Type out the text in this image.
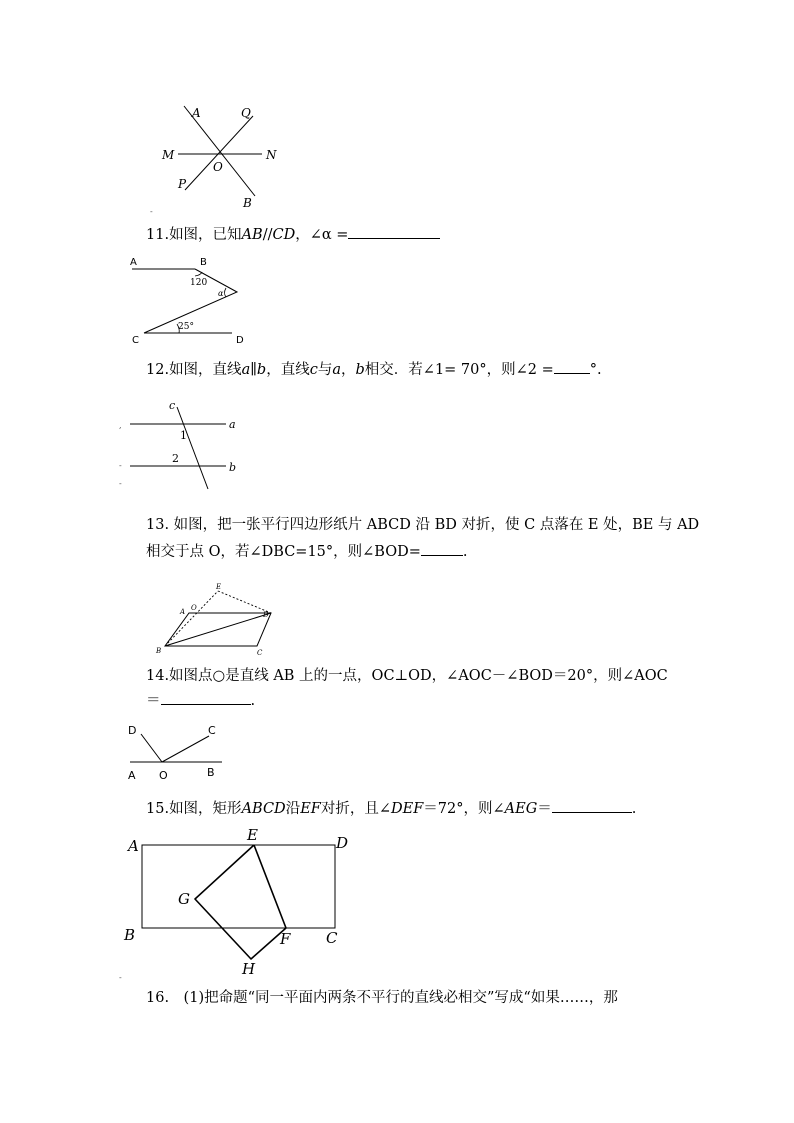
A	Q
M	N
O
P
B
-
11.如图，已知AB//CD，∠α =
A	B
C	D
120
α
25°
12.如图，直线a∥b，直线c与a，b相交．若∠1= 70°，则∠2 = °.
c
a
b
1
2
,
-
-
13. 如图，把一张平行四边形纸片 ABCD 沿 BD 对折，使 C 点落在 E 处，BE 与 AD
相交于点 O，若∠DBC=15°，则∠BOD=	.
E
A O
D
B	C
14.如图点○是直线 AB 上的一点，OC⊥OD，∠AOC－∠BOD＝20°，则∠AOC
＝	.
D	C
A O	B
15.如图，矩形ABCD沿EF对折，且∠DEF＝72°，则∠AEG＝	.
A
E	D
G
B	F C
H
-
16.　(1)把命题“同一平面内两条不平行的直线必相交”写成“如果……，那
